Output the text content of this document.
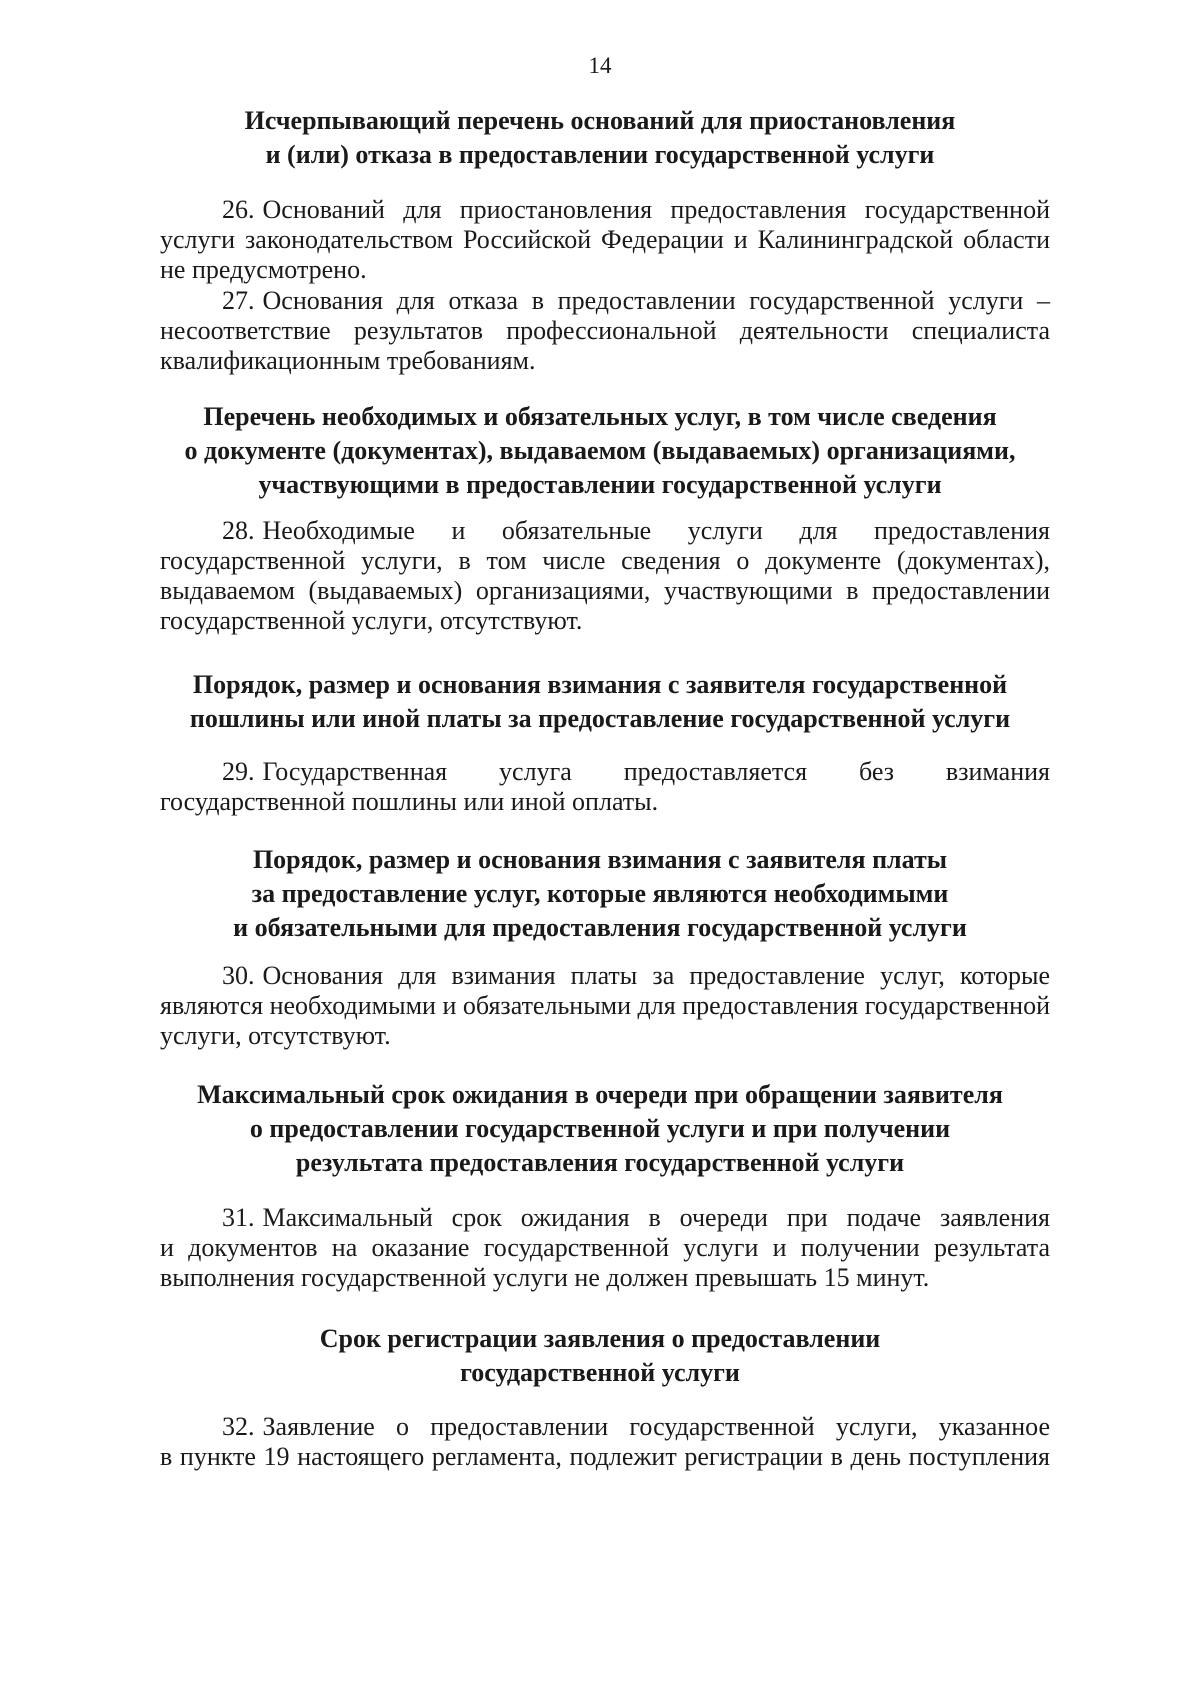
14
Исчерпывающий перечень оснований для приостановления
и (или) отказа в предоставлении государственной услуги
26. Оснований для приостановления предоставления государственной
услуги законодательством Российской Федерации и Калининградской области
не предусмотрено.
27. Основания для отказа в предоставлении государственной услуги –
несоответствие результатов профессиональной деятельности специалиста
квалификационным требованиям.
Перечень необходимых и обязательных услуг, в том числе сведения
о документе (документах), выдаваемом (выдаваемых) организациями,
участвующими в предоставлении государственной услуги
28. Необходимые и обязательные услуги для предоставления
государственной услуги, в том числе сведения о документе (документах),
выдаваемом (выдаваемых) организациями, участвующими в предоставлении
государственной услуги, отсутствуют.
Порядок, размер и основания взимания с заявителя государственной
пошлины или иной платы за предоставление государственной услуги
29. Государственная услуга предоставляется без взимания
государственной пошлины или иной оплаты.
Порядок, размер и основания взимания с заявителя платы
за предоставление услуг, которые являются необходимыми
и обязательными для предоставления государственной услуги
30. Основания для взимания платы за предоставление услуг, которые
являются необходимыми и обязательными для предоставления государственной
услуги, отсутствуют.
Максимальный срок ожидания в очереди при обращении заявителя
о предоставлении государственной услуги и при получении
результата предоставления государственной услуги
31. Максимальный срок ожидания в очереди при подаче заявления
и документов на оказание государственной услуги и получении результата
выполнения государственной услуги не должен превышать 15 минут.
Срок регистрации заявления о предоставлении
государственной услуги
32. Заявление о предоставлении государственной услуги, указанное
в пункте 19 настоящего регламента, подлежит регистрации в день поступления
